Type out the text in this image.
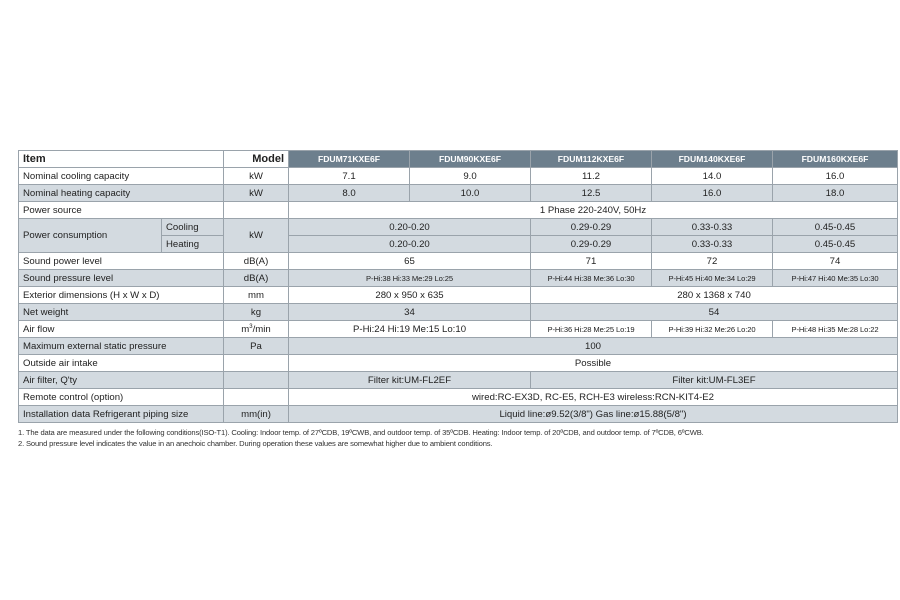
Item		Model	FDUM71KXE6F	FDUM90KXE6F	FDUM112KXE6F	FDUM140KXE6F	FDUM160KXE6F
Nominal cooling capacity		kW	7.1	9.0	11.2	14.0	16.0
Nominal heating capacity		kW	8.0	10.0	12.5	16.0	18.0
Power source			1 Phase 220-240V, 50Hz				
Power consumption	Cooling	kW	0.20-0.20		0.29-0.29	0.33-0.33	0.45-0.45
	Heating		0.20-0.20		0.29-0.29	0.33-0.33	0.45-0.45
Sound power level		dB(A)	65		71	72	74
Sound pressure level		dB(A)	P-Hi:38 Hi:33 Me:29 Lo:25		P-Hi:44 Hi:38 Me:36 Lo:30	P-Hi:45 Hi:40 Me:34 Lo:29	P-Hi:47 Hi:40 Me:35 Lo:30
Exterior dimensions (H x W x D)		mm	280 x 950 x 635		280 x 1368 x 740		
Net weight		kg	34		54		
Air flow		$m^3/\min$	P-Hi:24 Hi:19 Me:15 Lo:10		P-Hi:36 Hi:28 Me:25 Lo:19	P-Hi:39 Hi:32 Me:26 Lo:20	P-Hi:48 Hi:35 Me:28 Lo:22
Maximum external static pressure		Pa	100				
Outside air intake			Possible				
Air filter, Q'ty			Filter kit:UM-FL2EF		Filter kit:UM-FL3EF		
Remote control (option)			wired:RC-EX3D, RC-E5, RCH-E3 wireless:RCN-KIT4-E2				
Installation data Refrigerant piping size		mm(in)	Liquid line:ø9.52(3/8") Gas line:ø15.88(5/8")				
1. The data are measured under the following conditions(ISO-T1). Cooling: Indoor temp. of 27ºCDB, 19ºCWB, and outdoor temp. of 35ºCDB. Heating: Indoor temp. of 20ºCDB, and outdoor temp. of 7ºCDB, 6ºCWB.
2. Sound pressure level indicates the value in an anechoic chamber. During operation these values are somewhat higher due to ambient conditions.
